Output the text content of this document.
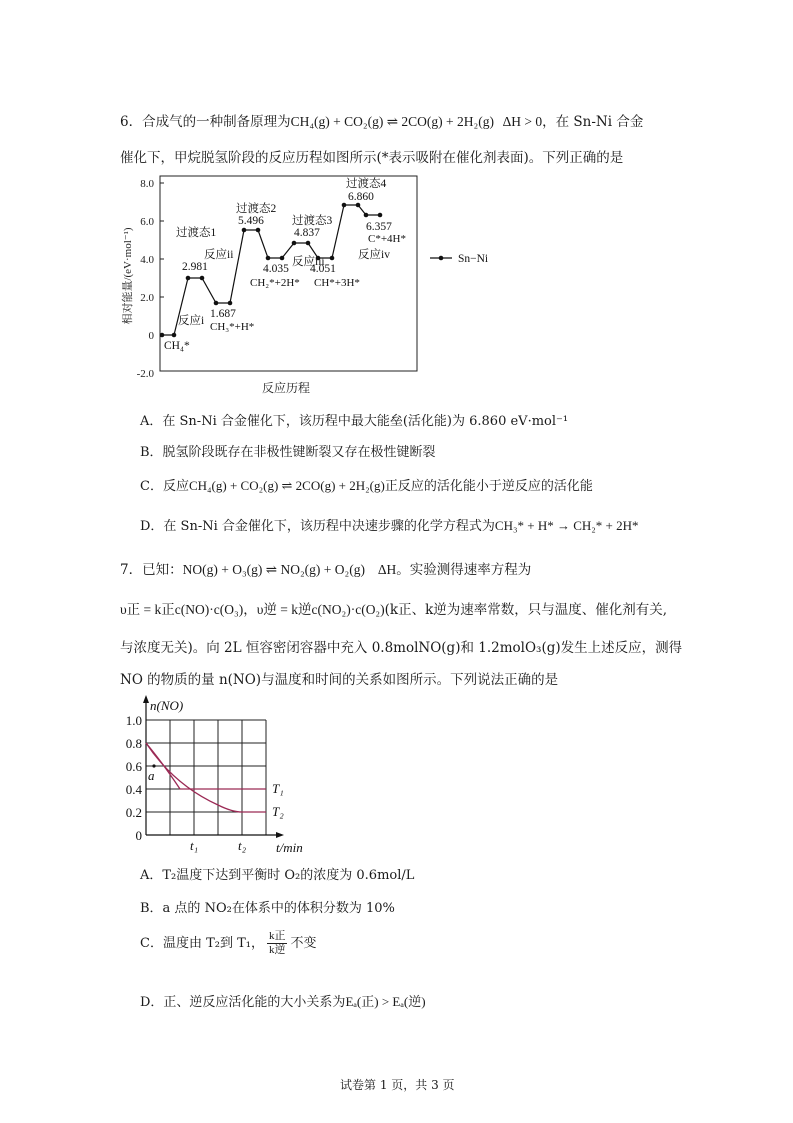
6．合成气的一种制备原理为CH₄(g) + CO₂(g) ⇌ 2CO(g) + 2H₂(g) ΔH > 0，在 Sn-Ni 合金
催化下，甲烷脱氢阶段的反应历程如图所示(*表示吸附在催化剂表面)。下列正确的是
8.0
6.0
4.0
2.0
0
-2.0
相对能量/(eV·mol⁻¹)
反应历程
CH₄*
2.981
1.687
5.496
4.035
4.837
4.051
6.860
6.357
过渡态1
过渡态2
过渡态3
过渡态4
反应i
反应ii
反应iii
反应iv
CH₃*+H*
CH₂*+2H* CH*+3H*
C*+4H*
Sn−Ni
A．在 Sn-Ni 合金催化下，该历程中最大能垒(活化能)为 6.860 eV·mol⁻¹
B．脱氢阶段既存在非极性键断裂又存在极性键断裂
C．反应CH₄(g) + CO₂(g) ⇌ 2CO(g) + 2H₂(g)正反应的活化能小于逆反应的活化能
D．在 Sn-Ni 合金催化下，该历程中决速步骤的化学方程式为CH₃* + H* → CH₂* + 2H*
7．已知：NO(g) + O₃(g) ⇌ NO₂(g) + O₂(g) ΔH。实验测得速率方程为
υ正 = k正c(NO)·c(O₃)，υ逆 = k逆c(NO₂)·c(O₂)(k正、k逆为速率常数，只与温度、催化剂有关,
与浓度无关)。向 2L 恒容密闭容器中充入 0.8molNO(g)和 1.2molO₃(g)发生上述反应，测得
NO 的物质的量 n(NO)与温度和时间的关系如图所示。下列说法正确的是
n(NO)
t/min
1.0
0.8
0.6
0.4
0.2
0
t₁	t₂
a
T₁
T₂
A．T₂温度下达到平衡时 O₂的浓度为 0.6mol/L
B．a 点的 NO₂在体系中的体积分数为 10%
C．温度由 T₂到 T₁， $\frac{\text{k正}}{\text{k逆}}$ 不变
D．正、逆反应活化能的大小关系为Eₐ(正) > Eₐ(逆)
试卷第 1 页，共 3 页
